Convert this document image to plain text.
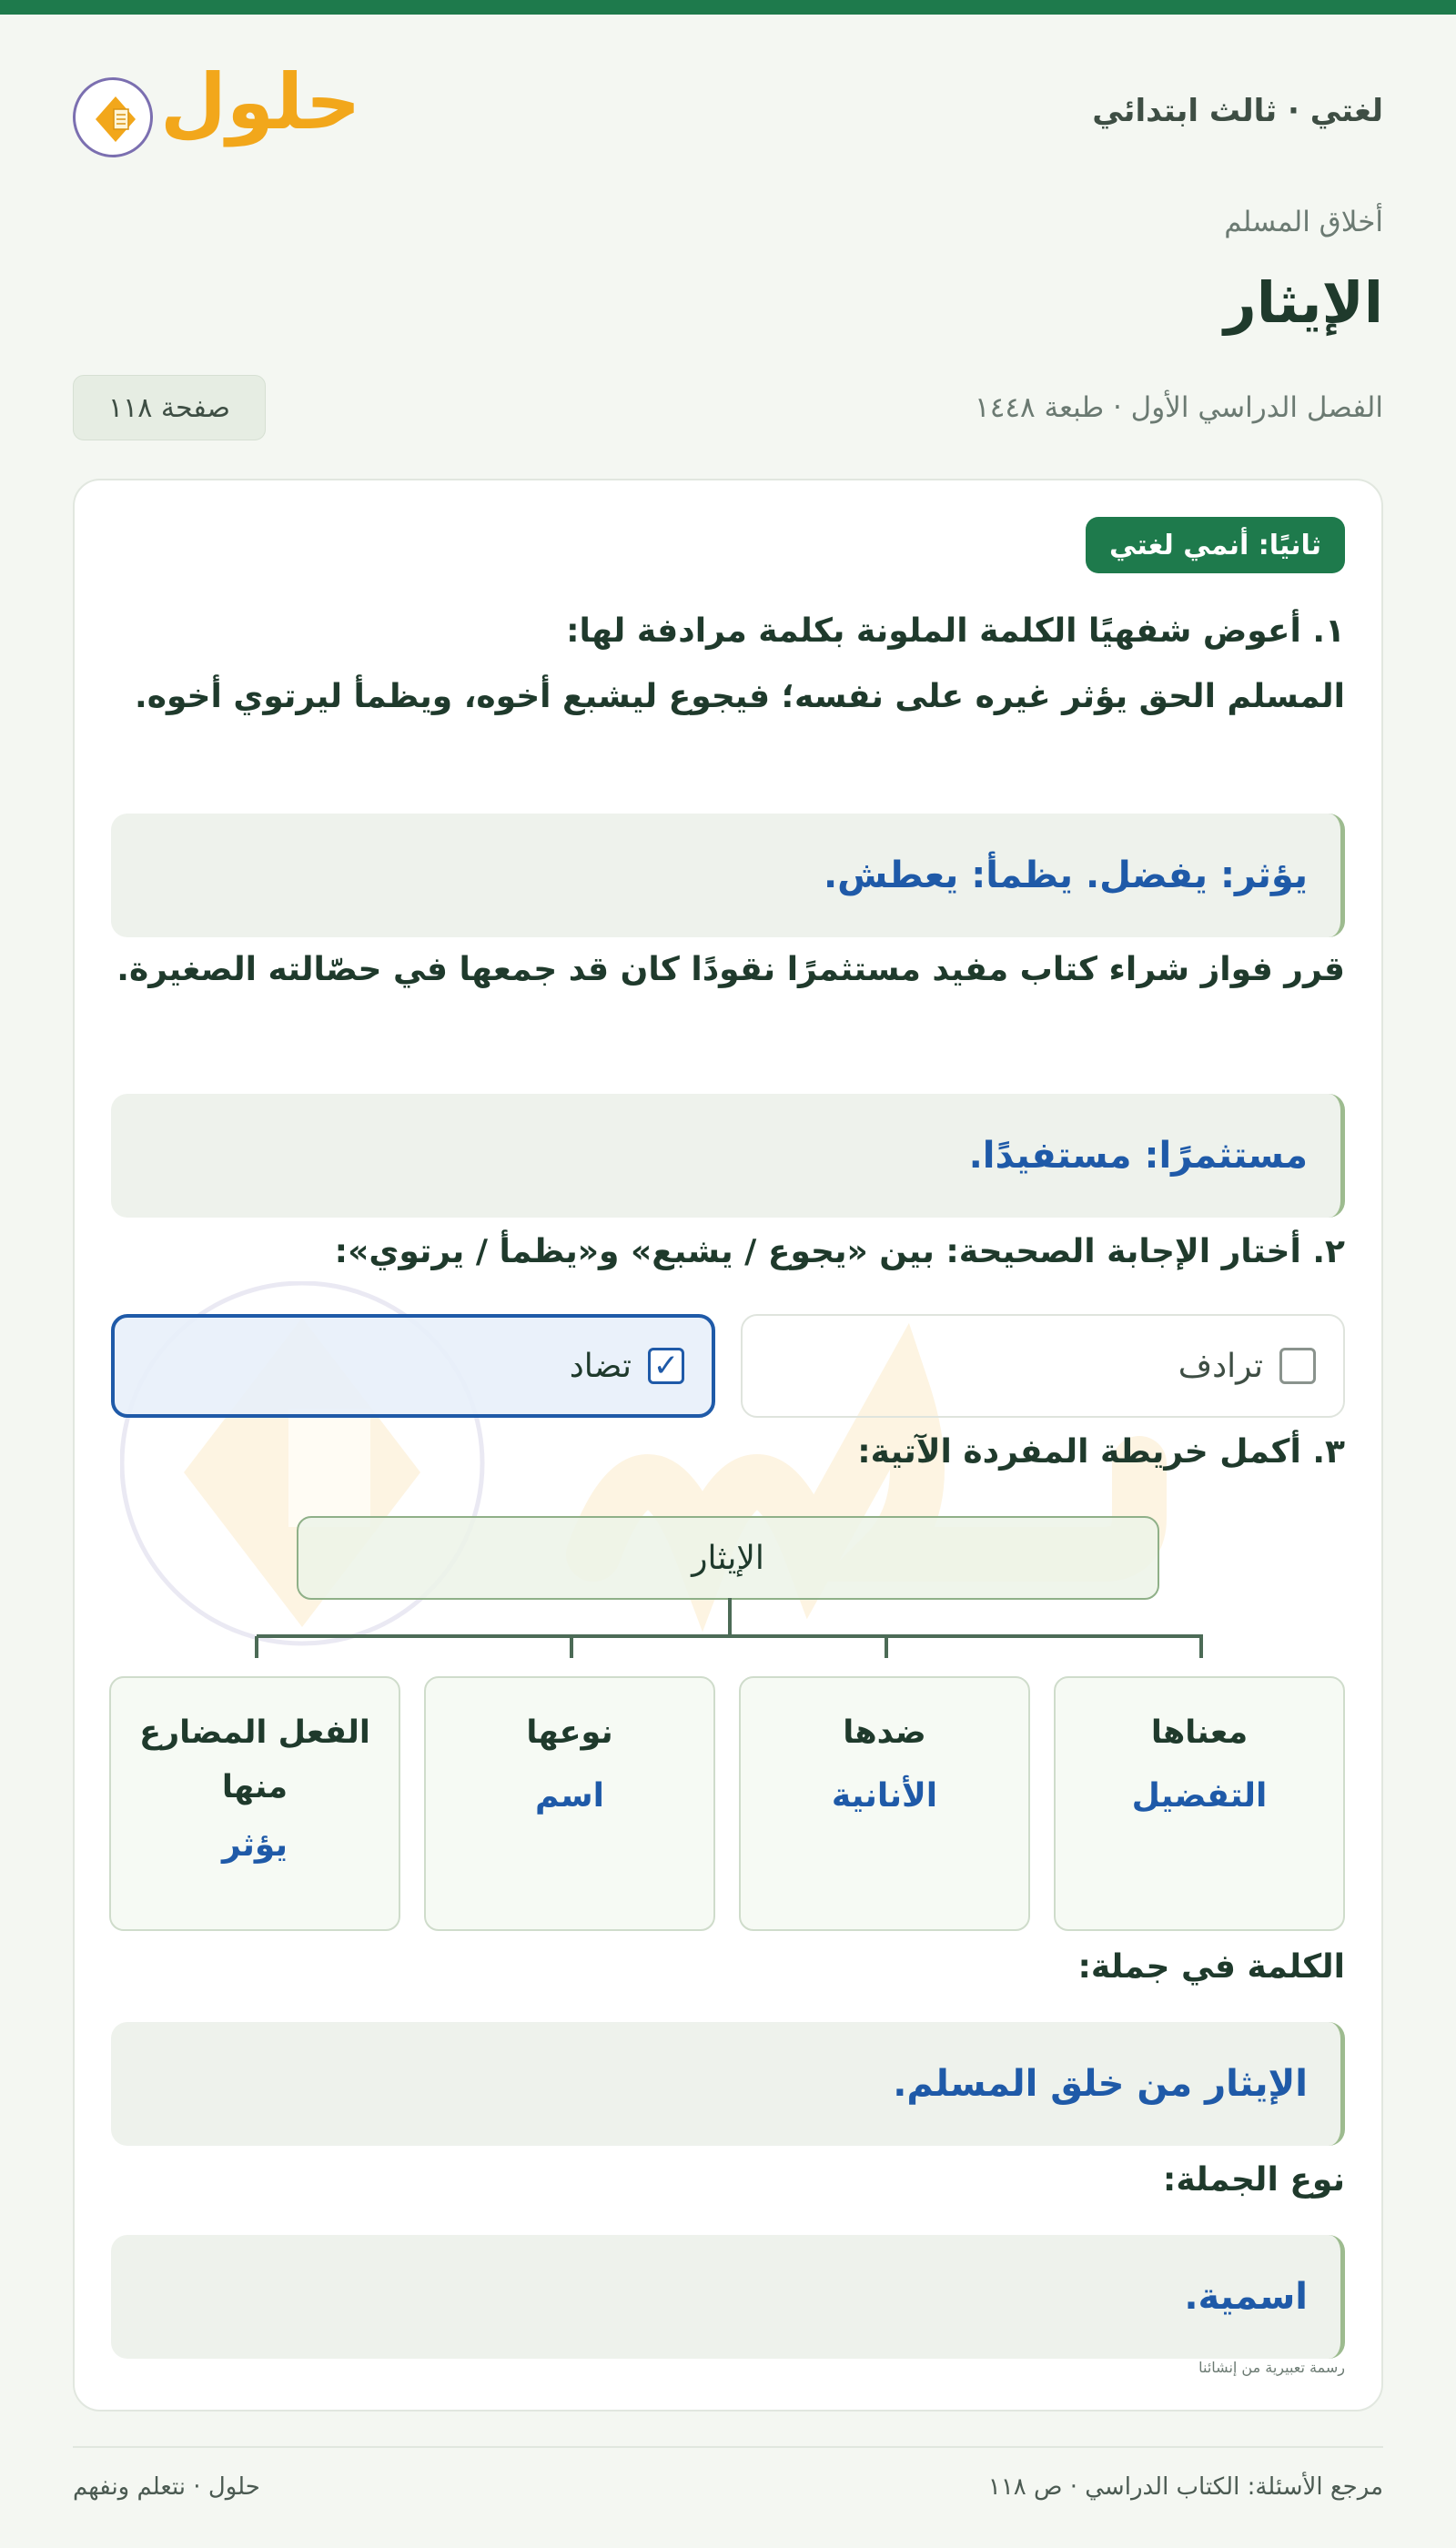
لغتي · ثالث ابتدائي
حلول
أخلاق المسلم
الإيثار
الفصل الدراسي الأول · طبعة ١٤٤٨
صفحة ١١٨
ثانيًا: أنمي لغتي
١. أعوض شفهيًا الكلمة الملونة بكلمة مرادفة لها:
المسلم الحق يؤثر غيره على نفسه؛ فيجوع ليشبع أخوه، ويظمأ ليرتوي أخوه.
يؤثر: يفضل. يظمأ: يعطش.
قرر فواز شراء كتاب مفيد مستثمرًا نقودًا كان قد جمعها في حصّالته الصغيرة.
مستثمرًا: مستفيدًا.
٢. أختار الإجابة الصحيحة: بين «يجوع / يشبع» و«يظمأ / يرتوي»:
ترادف
✓
تضاد
٣. أكمل خريطة المفردة الآتية:
الإيثار
معناها
التفضيل
ضدها
الأنانية
نوعها
اسم
الفعل المضارع منها
يؤثر
الكلمة في جملة:
الإيثار من خلق المسلم.
نوع الجملة:
اسمية.
رسمة تعبيرية من إنشائنا
مرجع الأسئلة: الكتاب الدراسي · ص ١١٨
حلول · نتعلم ونفهم
